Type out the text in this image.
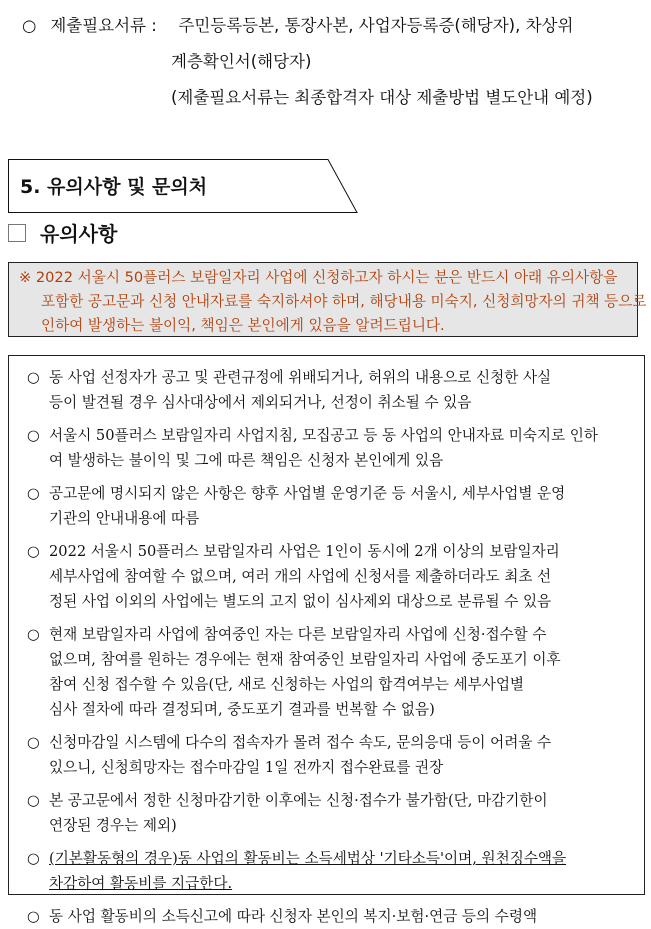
○ 제출필요서류 :	주민등록등본, 통장사본, 사업자등록증(해당자), 차상위
계층확인서(해당자)
(제출필요서류는 최종합격자 대상 제출방법 별도안내 예정)
5. 유의사항 및 문의처
유의사항
※ 2022 서울시 50플러스 보람일자리 사업에 신청하고자 하시는 분은 반드시 아래 유의사항을
포함한 공고문과 신청 안내자료를 숙지하셔야 하며, 해당내용 미숙지, 신청희망자의 귀책 등으로
인하여 발생하는 불이익, 책임은 본인에게 있음을 알려드립니다.
○ 동 사업 선정자가 공고 및 관련규정에 위배되거나, 허위의 내용으로 신청한 사실
등이 발견될 경우 심사대상에서 제외되거나, 선정이 취소될 수 있음
○ 서울시 50플러스 보람일자리 사업지침, 모집공고 등 동 사업의 안내자료 미숙지로 인하
여 발생하는 불이익 및 그에 따른 책임은 신청자 본인에게 있음
○ 공고문에 명시되지 않은 사항은 향후 사업별 운영기준 등 서울시, 세부사업별 운영
기관의 안내내용에 따름
○ 2022 서울시 50플러스 보람일자리 사업은 1인이 동시에 2개 이상의 보람일자리
세부사업에 참여할 수 없으며, 여러 개의 사업에 신청서를 제출하더라도 최초 선
정된 사업 이외의 사업에는 별도의 고지 없이 심사제외 대상으로 분류될 수 있음
○ 현재 보람일자리 사업에 참여중인 자는 다른 보람일자리 사업에 신청·접수할 수
없으며, 참여를 원하는 경우에는 현재 참여중인 보람일자리 사업에 중도포기 이후
참여 신청 접수할 수 있음(단, 새로 신청하는 사업의 합격여부는 세부사업별
심사 절차에 따라 결정되며, 중도포기 결과를 번복할 수 없음)
○ 신청마감일 시스템에 다수의 접속자가 몰려 접수 속도, 문의응대 등이 어려울 수
있으니, 신청희망자는 접수마감일 1일 전까지 접수완료를 권장
○ 본 공고문에서 정한 신청마감기한 이후에는 신청·접수가 불가함(단, 마감기한이
연장된 경우는 제외)
○ (기본활동형의 경우)동 사업의 활동비는 소득세법상 '기타소득'이며, 원천징수액을
차감하여 활동비를 지급한다.
○ 동 사업 활동비의 소득신고에 따라 신청자 본인의 복지·보험·연금 등의 수령액
